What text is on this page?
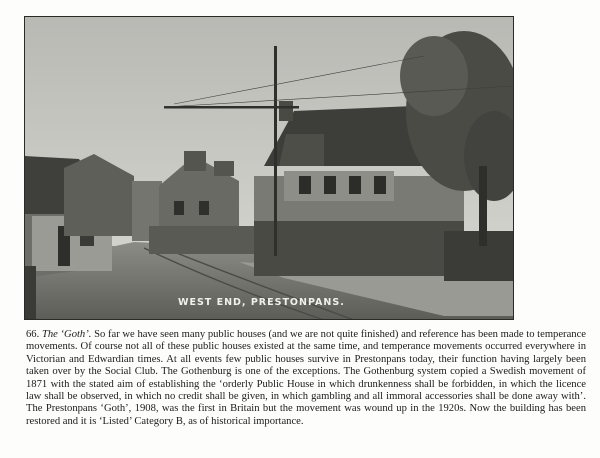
WEST END, PRESTONPANS.

66. The ‘Goth’. So far we have seen many public houses (and we are not quite finished) and reference has been made to temperance movements. Of course not all of these public houses existed at the same time, and temperance movements occurred everywhere in Victorian and Edwardian times. At all events few public houses survive in Prestonpans today, their function having largely been taken over by the Social Club. The Gothenburg is one of the exceptions. The Gothenburg system copied a Swedish movement of 1871 with the stated aim of establishing the ‘orderly Public House in which drunkenness shall be forbidden, in which the licence law shall be observed, in which no credit shall be given, in which gambling and all immoral accessories shall be done away with’. The Prestonpans ‘Goth’, 1908, was the first in Britain but the movement was wound up in the 1920s. Now the building has been restored and it is ‘Listed’ Category B, as of historical importance.
